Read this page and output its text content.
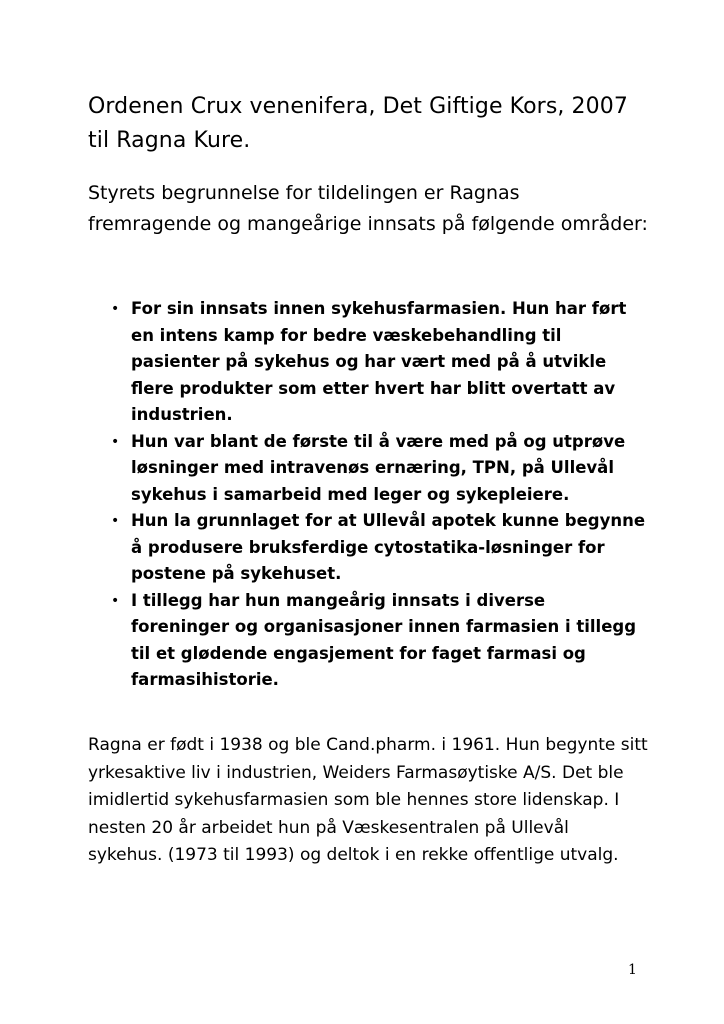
Ordenen Crux venenifera, Det Giftige Kors, 2007 til Ragna Kure.

Styrets begrunnelse for tildelingen er Ragnas fremragende og mangeårige innsats på følgende områder:

• For sin innsats innen sykehusfarmasien. Hun har ført en intens kamp for bedre væskebehandling til pasienter på sykehus og har vært med på å utvikle flere produkter som etter hvert har blitt overtatt av industrien.
• Hun var blant de første til å være med på og utprøve løsninger med intravenøs ernæring, TPN, på Ullevål sykehus i samarbeid med leger og sykepleiere.
• Hun la grunnlaget for at Ullevål apotek kunne begynne å produsere bruksferdige cytostatika-løsninger for postene på sykehuset.
• I tillegg har hun mangeårig innsats i diverse foreninger og organisasjoner innen farmasien i tillegg til et glødende engasjement for faget farmasi og farmasihistorie.

Ragna er født i 1938 og ble Cand.pharm. i 1961. Hun begynte sitt yrkesaktive liv i industrien, Weiders Farmasøytiske A/S. Det ble imidlertid sykehusfarmasien som ble hennes store lidenskap. I nesten 20 år arbeidet hun på Væskesentralen på Ullevål sykehus. (1973 til 1993) og deltok i en rekke offentlige utvalg.

1
